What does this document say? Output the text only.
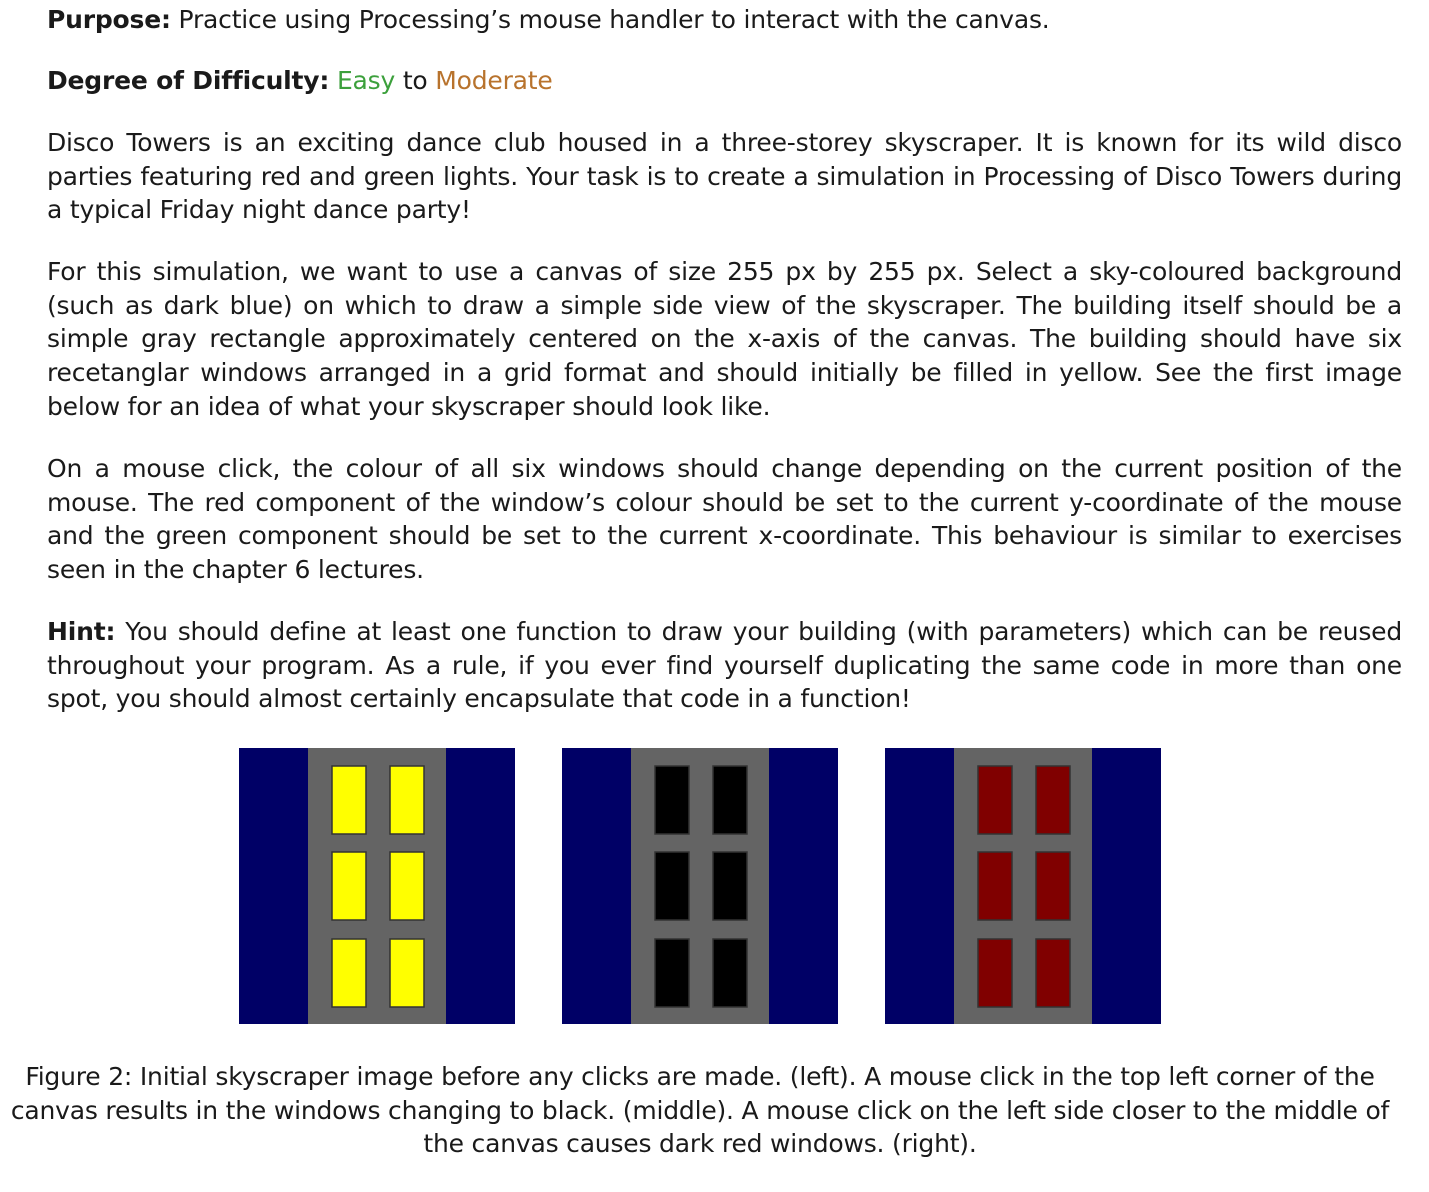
Purpose: Practice using Processing’s mouse handler to interact with the canvas.

Degree of Difficulty: Easy to Moderate

Disco Towers is an exciting dance club housed in a three-storey skyscraper. It is known for its wild disco parties featuring red and green lights. Your task is to create a simulation in Processing of Disco Towers during a typical Friday night dance party!

For this simulation, we want to use a canvas of size 255 px by 255 px. Select a sky-coloured background (such as dark blue) on which to draw a simple side view of the skyscraper. The building itself should be a simple gray rectangle approximately centered on the x-axis of the canvas. The building should have six recetanglar windows arranged in a grid format and should initially be filled in yellow. See the first image below for an idea of what your skyscraper should look like.

On a mouse click, the colour of all six windows should change depending on the current position of the mouse. The red component of the window’s colour should be set to the current y-coordinate of the mouse and the green component should be set to the current x-coordinate. This behaviour is similar to exercises seen in the chapter 6 lectures.

Hint: You should define at least one function to draw your building (with parameters) which can be reused throughout your program. As a rule, if you ever find yourself duplicating the same code in more than one spot, you should almost certainly encapsulate that code in a function!

Figure 2: Initial skyscraper image before any clicks are made. (left). A mouse click in the top left corner of the canvas results in the windows changing to black. (middle). A mouse click on the left side closer to the middle of the canvas causes dark red windows. (right).
